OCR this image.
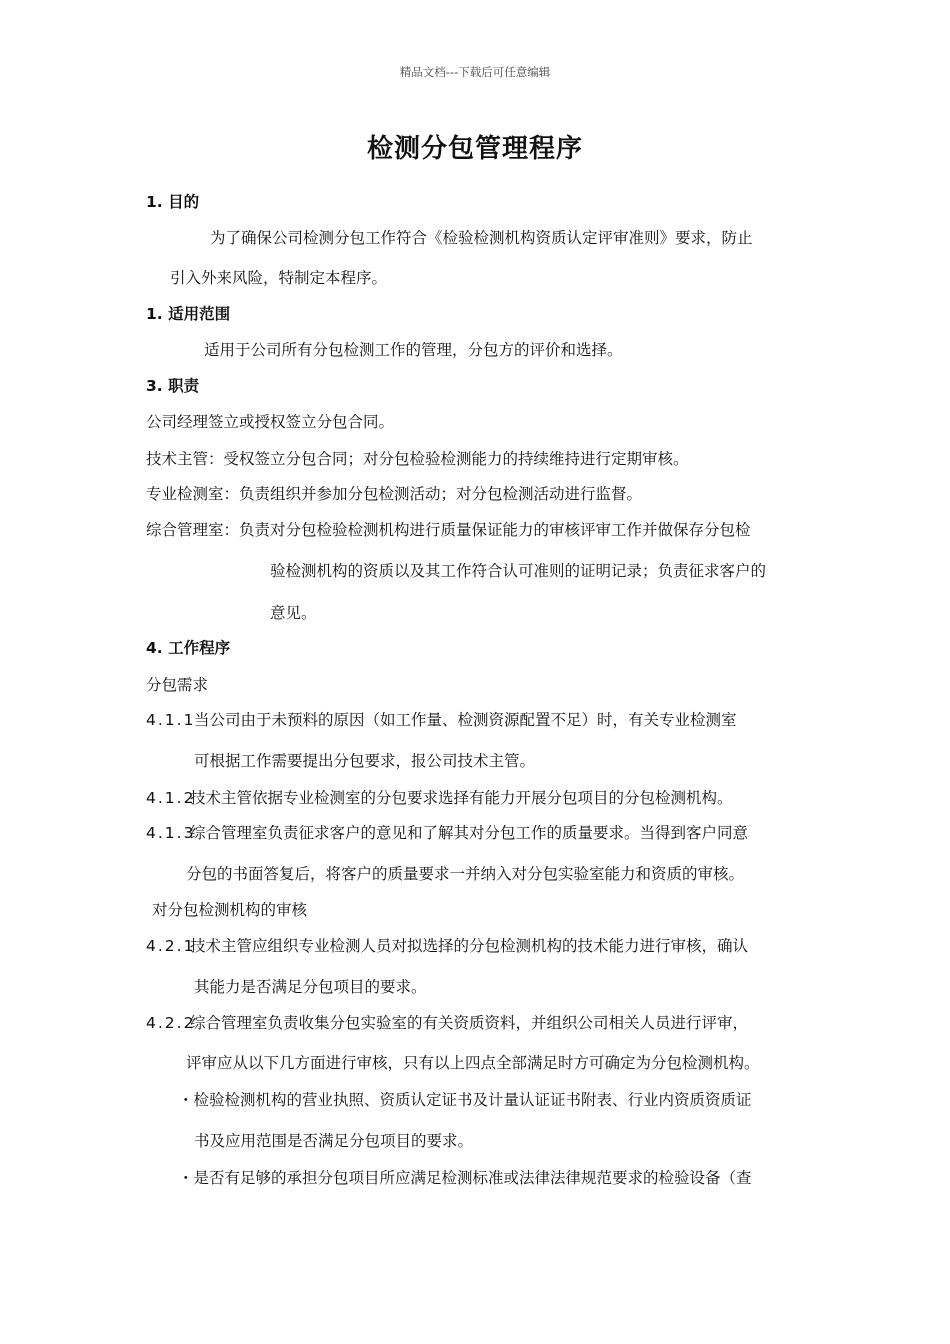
精品文档---下载后可任意编辑
检测分包管理程序
1. 目的
为了确保公司检测分包工作符合《检验检测机构资质认定评审准则》要求，防止
引入外来风险，特制定本程序。
1. 适用范围
适用于公司所有分包检测工作的管理，分包方的评价和选择。
3. 职责
公司经理签立或授权签立分包合同。
技术主管：受权签立分包合同；对分包检验检测能力的持续维持进行定期审核。
专业检测室：负责组织并参加分包检测活动；对分包检测活动进行监督。
综合管理室：负责对分包检验检测机构进行质量保证能力的审核评审工作并做保存分包检
验检测机构的资质以及其工作符合认可准则的证明记录；负责征求客户的
意见。
4. 工作程序
分包需求
4.1.1
当公司由于未预料的原因（如工作量、检测资源配置不足）时，有关专业检测室
可根据工作需要提出分包要求，报公司技术主管。
4.1.2
技术主管依据专业检测室的分包要求选择有能力开展分包项目的分包检测机构。
4.1.3
综合管理室负责征求客户的意见和了解其对分包工作的质量要求。当得到客户同意
分包的书面答复后，将客户的质量要求一并纳入对分包实验室能力和资质的审核。
对分包检测机构的审核
4.2.1
技术主管应组织专业检测人员对拟选择的分包检测机构的技术能力进行审核，确认
其能力是否满足分包项目的要求。
4.2.2
综合管理室负责收集分包实验室的有关资质资料，并组织公司相关人员进行评审，
评审应从以下几方面进行审核，只有以上四点全部满足时方可确定为分包检测机构。
・检验检测机构的营业执照、资质认定证书及计量认证证书附表、行业内资质资质证
书及应用范围是否满足分包项目的要求。
・是否有足够的承担分包项目所应满足检测标准或法律法律规范要求的检验设备（查
